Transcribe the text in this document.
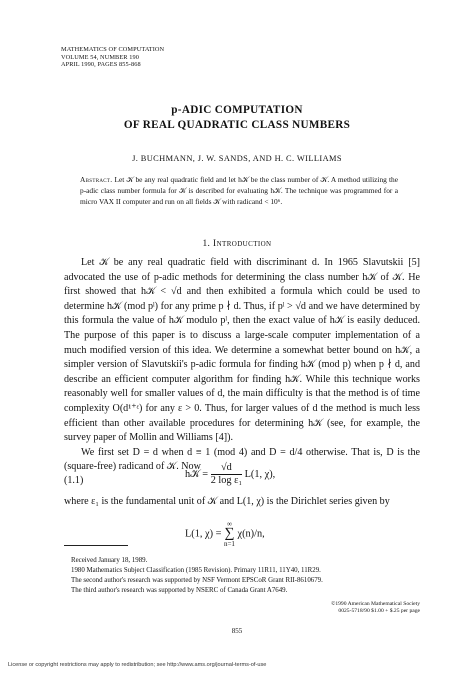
MATHEMATICS OF COMPUTATION
VOLUME 54, NUMBER 190
APRIL 1990, PAGES 855-868
p-ADIC COMPUTATION
OF REAL QUADRATIC CLASS NUMBERS
J. BUCHMANN, J. W. SANDS, AND H. C. WILLIAMS
Abstract. Let 𝒦 be any real quadratic field and let h𝒦 be the class number of 𝒦. A method utilizing the p-adic class number formula for 𝒦 is described for evaluating h𝒦. The technique was programmed for a micro VAX II computer and run on all fields 𝒦 with radicand < 10⁶.
1. Introduction

Let 𝒦 be any real quadratic field with discriminant d. In 1965 Slavutskii [5] advocated the use of p-adic methods for determining the class number h𝒦 of 𝒦. He first showed that h𝒦 < √d and then exhibited a formula which could be used to determine h𝒦 (mod pˡ) for any prime p ∤ d. Thus, if pˡ > √d and we have determined by this formula the value of h𝒦 modulo pˡ, then the exact value of h𝒦 is easily deduced. The purpose of this paper is to discuss a large-scale computer implementation of a much modified version of this idea. We determine a somewhat better bound on h𝒦, a simpler version of Slavutskii's p-adic formula for finding h𝒦 (mod p) when p ∤ d, and describe an efficient computer algorithm for finding h𝒦. While this technique works reasonably well for smaller values of d, the main difficulty is that the method is of time complexity O(d¹⁺ᵋ) for any ε > 0. Thus, for larger values of d the method is much less efficient than other available procedures for determining h𝒦 (see, for example, the survey paper of Mollin and Williams [4]).

We first set D = d when d ≡ 1 (mod 4) and D = d/4 otherwise. That is, D is the (square-free) radicand of 𝒦. Now

(1.1)
h𝒦 = $\frac{√d}{\text{2 log ε₁}} L(1$, χ),
where ε₁ is the fundamental unit of 𝒦 and L(1, χ) is the Dirichlet series given by
L(1, χ) =
∞
∑
n=1
χ(n)/n,
Received January 18, 1989.
1980 Mathematics Subject Classification (1985 Revision). Primary 11R11, 11Y40, 11R29.
The second author's research was supported by NSF Vermont EPSCoR Grant RII-8610679.
The third author's research was supported by NSERC of Canada Grant A7649.
©1990 American Mathematical Society
0025-5718/90 $1.00 + $.25 per page
855
License or copyright restrictions may apply to redistribution; see http://www.ams.org/journal-terms-of-use
